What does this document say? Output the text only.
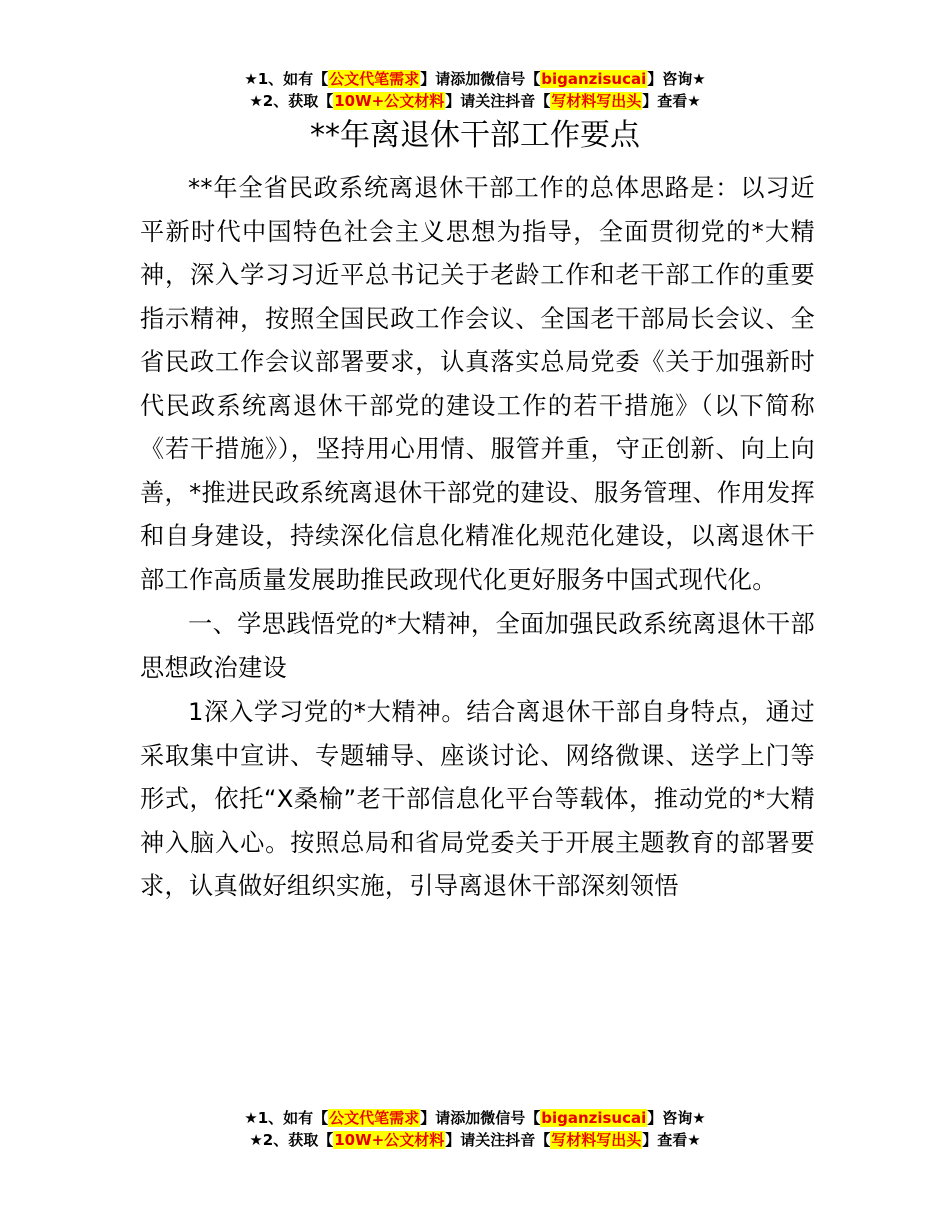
★1、如有【公文代笔需求】请添加微信号【biganzisucai】咨询★
★2、获取【10W+公文材料】请关注抖音【写材料写出头】查看★
**年离退休干部工作要点

**年全省民政系统离退休干部工作的总体思路是：以习近平新时代中国特色社会主义思想为指导，全面贯彻党的*大精神，深入学习习近平总书记关于老龄工作和老干部工作的重要指示精神，按照全国民政工作会议、全国老干部局长会议、全省民政工作会议部署要求，认真落实总局党委《关于加强新时代民政系统离退休干部党的建设工作的若干措施》（以下简称《若干措施》），坚持用心用情、服管并重，守正创新、向上向善，*推进民政系统离退休干部党的建设、服务管理、作用发挥和自身建设，持续深化信息化精准化规范化建设，以离退休干部工作高质量发展助推民政现代化更好服务中国式现代化。

一、学思践悟党的*大精神，全面加强民政系统离退休干部思想政治建设

1深入学习党的*大精神。结合离退休干部自身特点，通过采取集中宣讲、专题辅导、座谈讨论、网络微课、送学上门等形式，依托“X桑榆”老干部信息化平台等载体，推动党的*大精神入脑入心。按照总局和省局党委关于开展主题教育的部署要求，认真做好组织实施，引导离退休干部深刻领悟

★1、如有【公文代笔需求】请添加微信号【biganzisucai】咨询★
★2、获取【10W+公文材料】请关注抖音【写材料写出头】查看★
